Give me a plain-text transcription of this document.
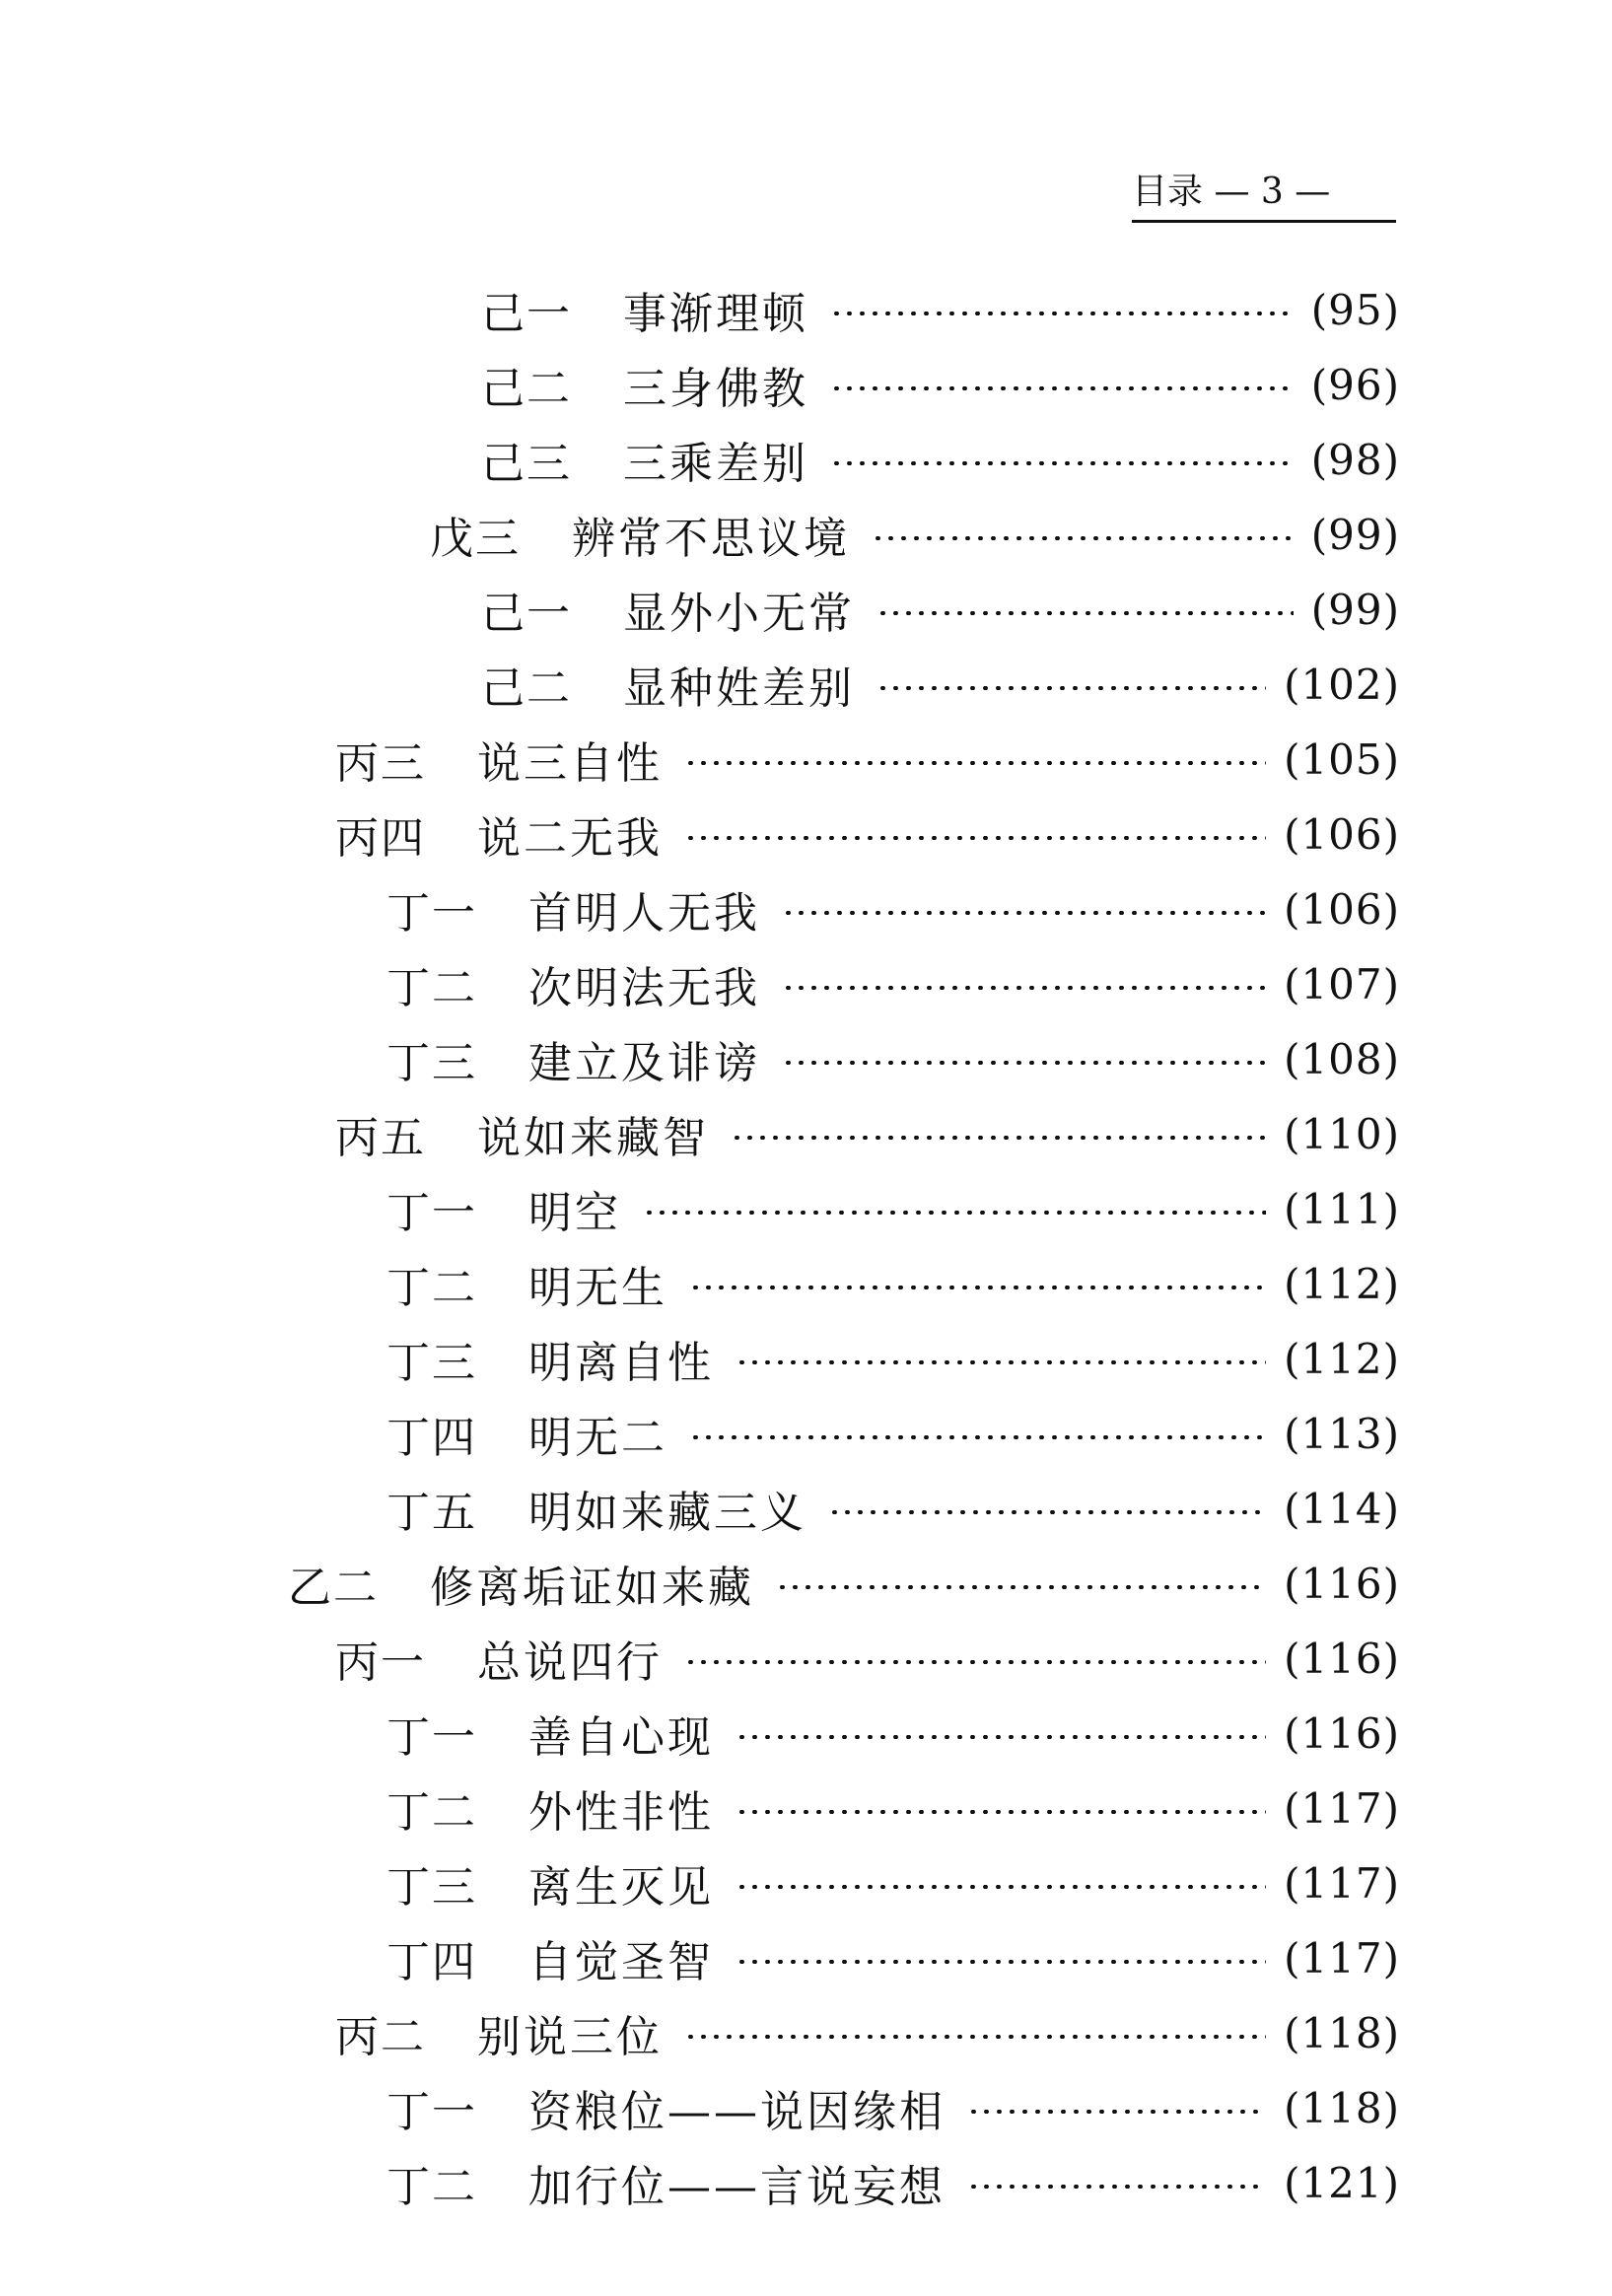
目录 — 3 —
己一 事渐理顿	(95)
己二 三身佛教	(96)
己三 三乘差别	(98)
戊三 辨常不思议境	(99)
己一 显外小无常	(99)
己二 显种姓差别	(102)
丙三 说三自性	(105)
丙四 说二无我	(106)
丁一 首明人无我	(106)
丁二 次明法无我	(107)
丁三 建立及诽谤	(108)
丙五 说如来藏智	(110)
丁一 明空	(111)
丁二 明无生	(112)
丁三 明离自性	(112)
丁四 明无二	(113)
丁五 明如来藏三义	(114)
乙二 修离垢证如来藏	(116)
丙一 总说四行	(116)
丁一 善自心现	(116)
丁二 外性非性	(117)
丁三 离生灭见	(117)
丁四 自觉圣智	(117)
丙二 别说三位	(118)
丁一 资粮位——说因缘相	(118)
丁二 加行位——言说妄想	(121)
